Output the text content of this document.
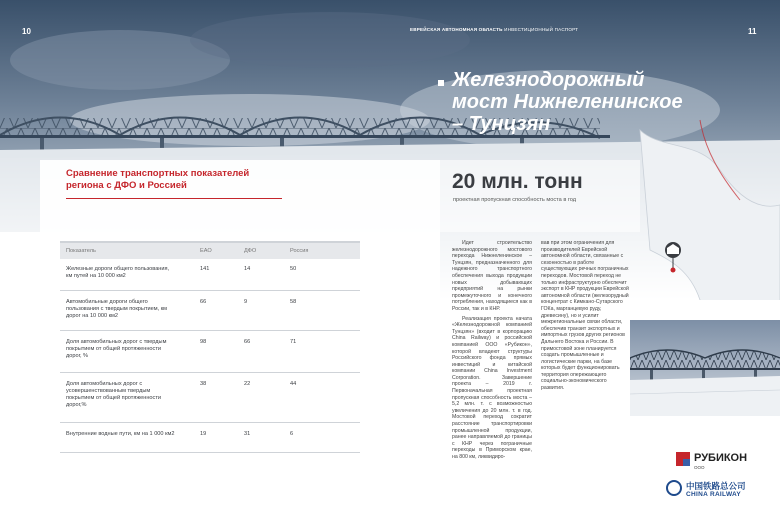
10	11
ЕВРЕЙСКАЯ АВТОНОМНАЯ ОБЛАСТЬ ИНВЕСТИЦИОННЫЙ ПАСПОРТ
Железнодорожный мост Нижнеленинское – Тунцзян
Сравнение транспортных показателей региона с ДФО и Россией	20 млн. тонн
проектная пропускная способность моста в год
Показатель	ЕАО	ДФО	Россия
Железные дороги общего пользования, км путей на 10 000 км2
141	14	50
Автомобильные дороги общего пользования с твердым покрытием, км дорог на 10 000 км2
66	9	58
Доля автомобильных дорог с твердым покрытием от общей протяженности дорог, %
98	66	71
Доля автомобильных дорог с усовершенствованным твердым покрытием от общей протяженности дорог,%
38	22	44
Внутренние водные пути, км на 1 000 км2	19	31	6

Идет строительство железнодорожного мостового перехода Нижнеленинское – Тунцзян, предназначенного для надежного транспортного обеспечения выхода продукции новых добывающих предприятий на рынки промежуточного и конечного потребления, находящиеся как в России, так и в КНР.

Реализация проекта начата «Железнодорожной компанией Тунцзян» (входит в корпорацию China Railway) и российской компанией ООО «Рубикон», которой владеют структуры Российского фонда прямых инвестиций и китайской компании China Investment Corporation. Завершение проекта – 2019 г. Первоначальная проектная пропускная способность моста – 5,2 млн. т. с возможностью увеличения до 20 млн. т. в год. Мостовой переход сократит расстояние транспортировки промышленной продукции, ранее направляемой до границы с КНР через пограничные переходы в Приморском крае, на 800 км, ликвидиро-

вав при этом ограничения для производителей Еврейской автономной области, связанные с сезонностью в работе существующих речных пограничных переходов. Мостовой переход не только инфраструктурно обеспечит экспорт в КНР продукции Еврейской автономной области (железорудный концентрат с Кимкано-Сутарского ГОКа, марганцевую руду, древесину), но и усилит межрегиональные связи области, обеспечив транзит экспортных и импортных грузов других регионов Дальнего Востока и России. В примостовой зоне планируется создать промышленные и логистические парки, на базе которых будет функционировать территория опережающего социально-экономического развития.

РУБИКОН
ООО
中国铁路总公司
CHINA RAILWAY
